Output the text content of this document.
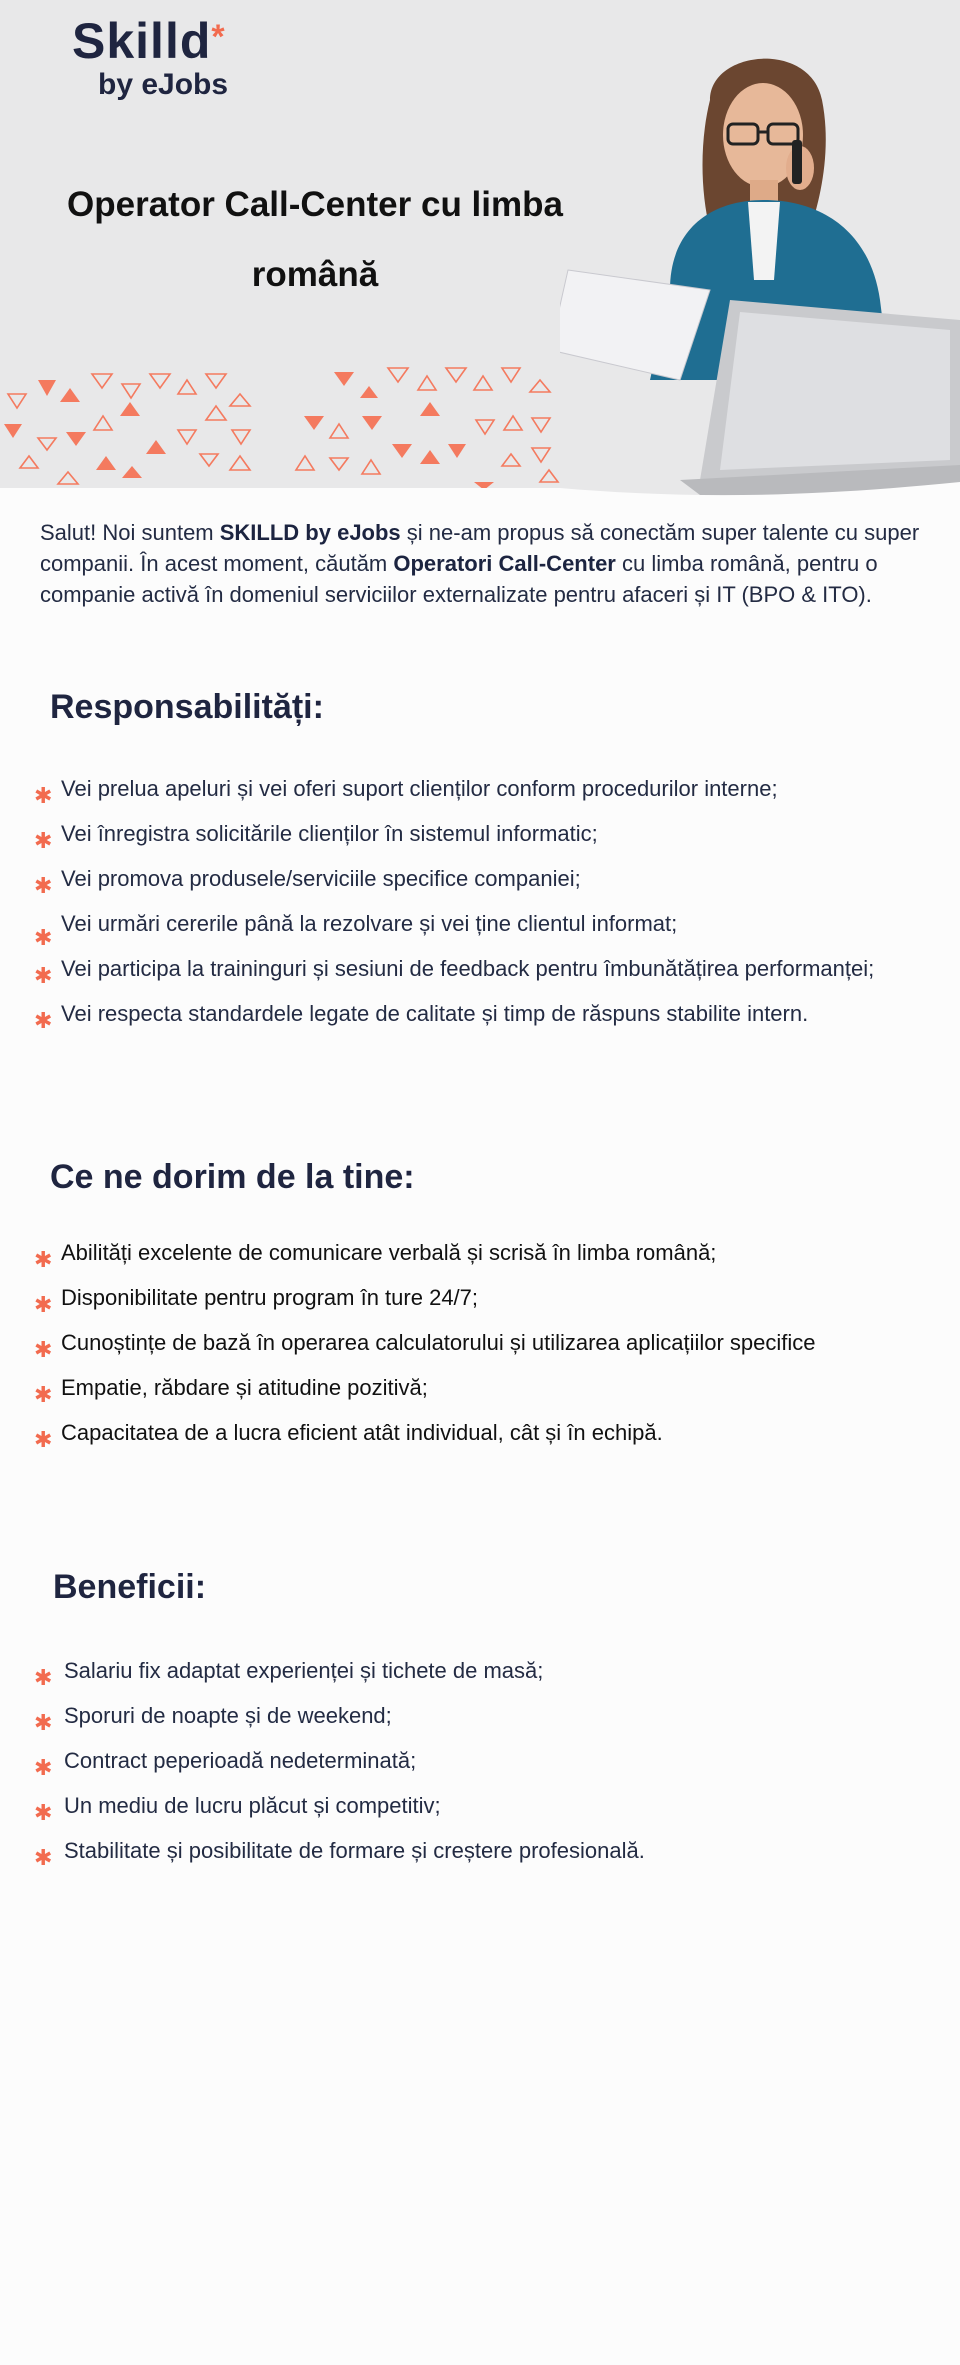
Skilld*
by eJobs
Operator Call-Center cu limba română

Salut! Noi suntem SKILLD by eJobs și ne-am propus să conectăm super talente cu super companii. În acest moment, căutăm Operatori Call-Center cu limba română, pentru o companie activă în domeniul serviciilor externalizate pentru afaceri și IT (BPO & ITO).

Responsabilități:
✱ Vei prelua apeluri și vei oferi suport clienților conform procedurilor interne;
✱ Vei înregistra solicitările clienților în sistemul informatic;
✱ Vei promova produsele/serviciile specifice companiei;
✱
Vei urmări cererile până la rezolvare și vei ține clientul informat;
✱ Vei participa la traininguri și sesiuni de feedback pentru îmbunătățirea performanței;
✱ Vei respecta standardele legate de calitate și timp de răspuns stabilite intern.
Ce ne dorim de la tine:
✱ Abilități excelente de comunicare verbală și scrisă în limba română;
✱ Disponibilitate pentru program în ture 24/7;
✱ Cunoștințe de bază în operarea calculatorului și utilizarea aplicațiilor specifice
✱ Empatie, răbdare și atitudine pozitivă;
✱ Capacitatea de a lucra eficient atât individual, cât și în echipă.
Beneficii:
✱ Salariu fix adaptat experienței și tichete de masă;
✱ Sporuri de noapte și de weekend;
✱ Contract peperioadă nedeterminată;
✱ Un mediu de lucru plăcut și competitiv;
✱ Stabilitate și posibilitate de formare și creștere profesională.
